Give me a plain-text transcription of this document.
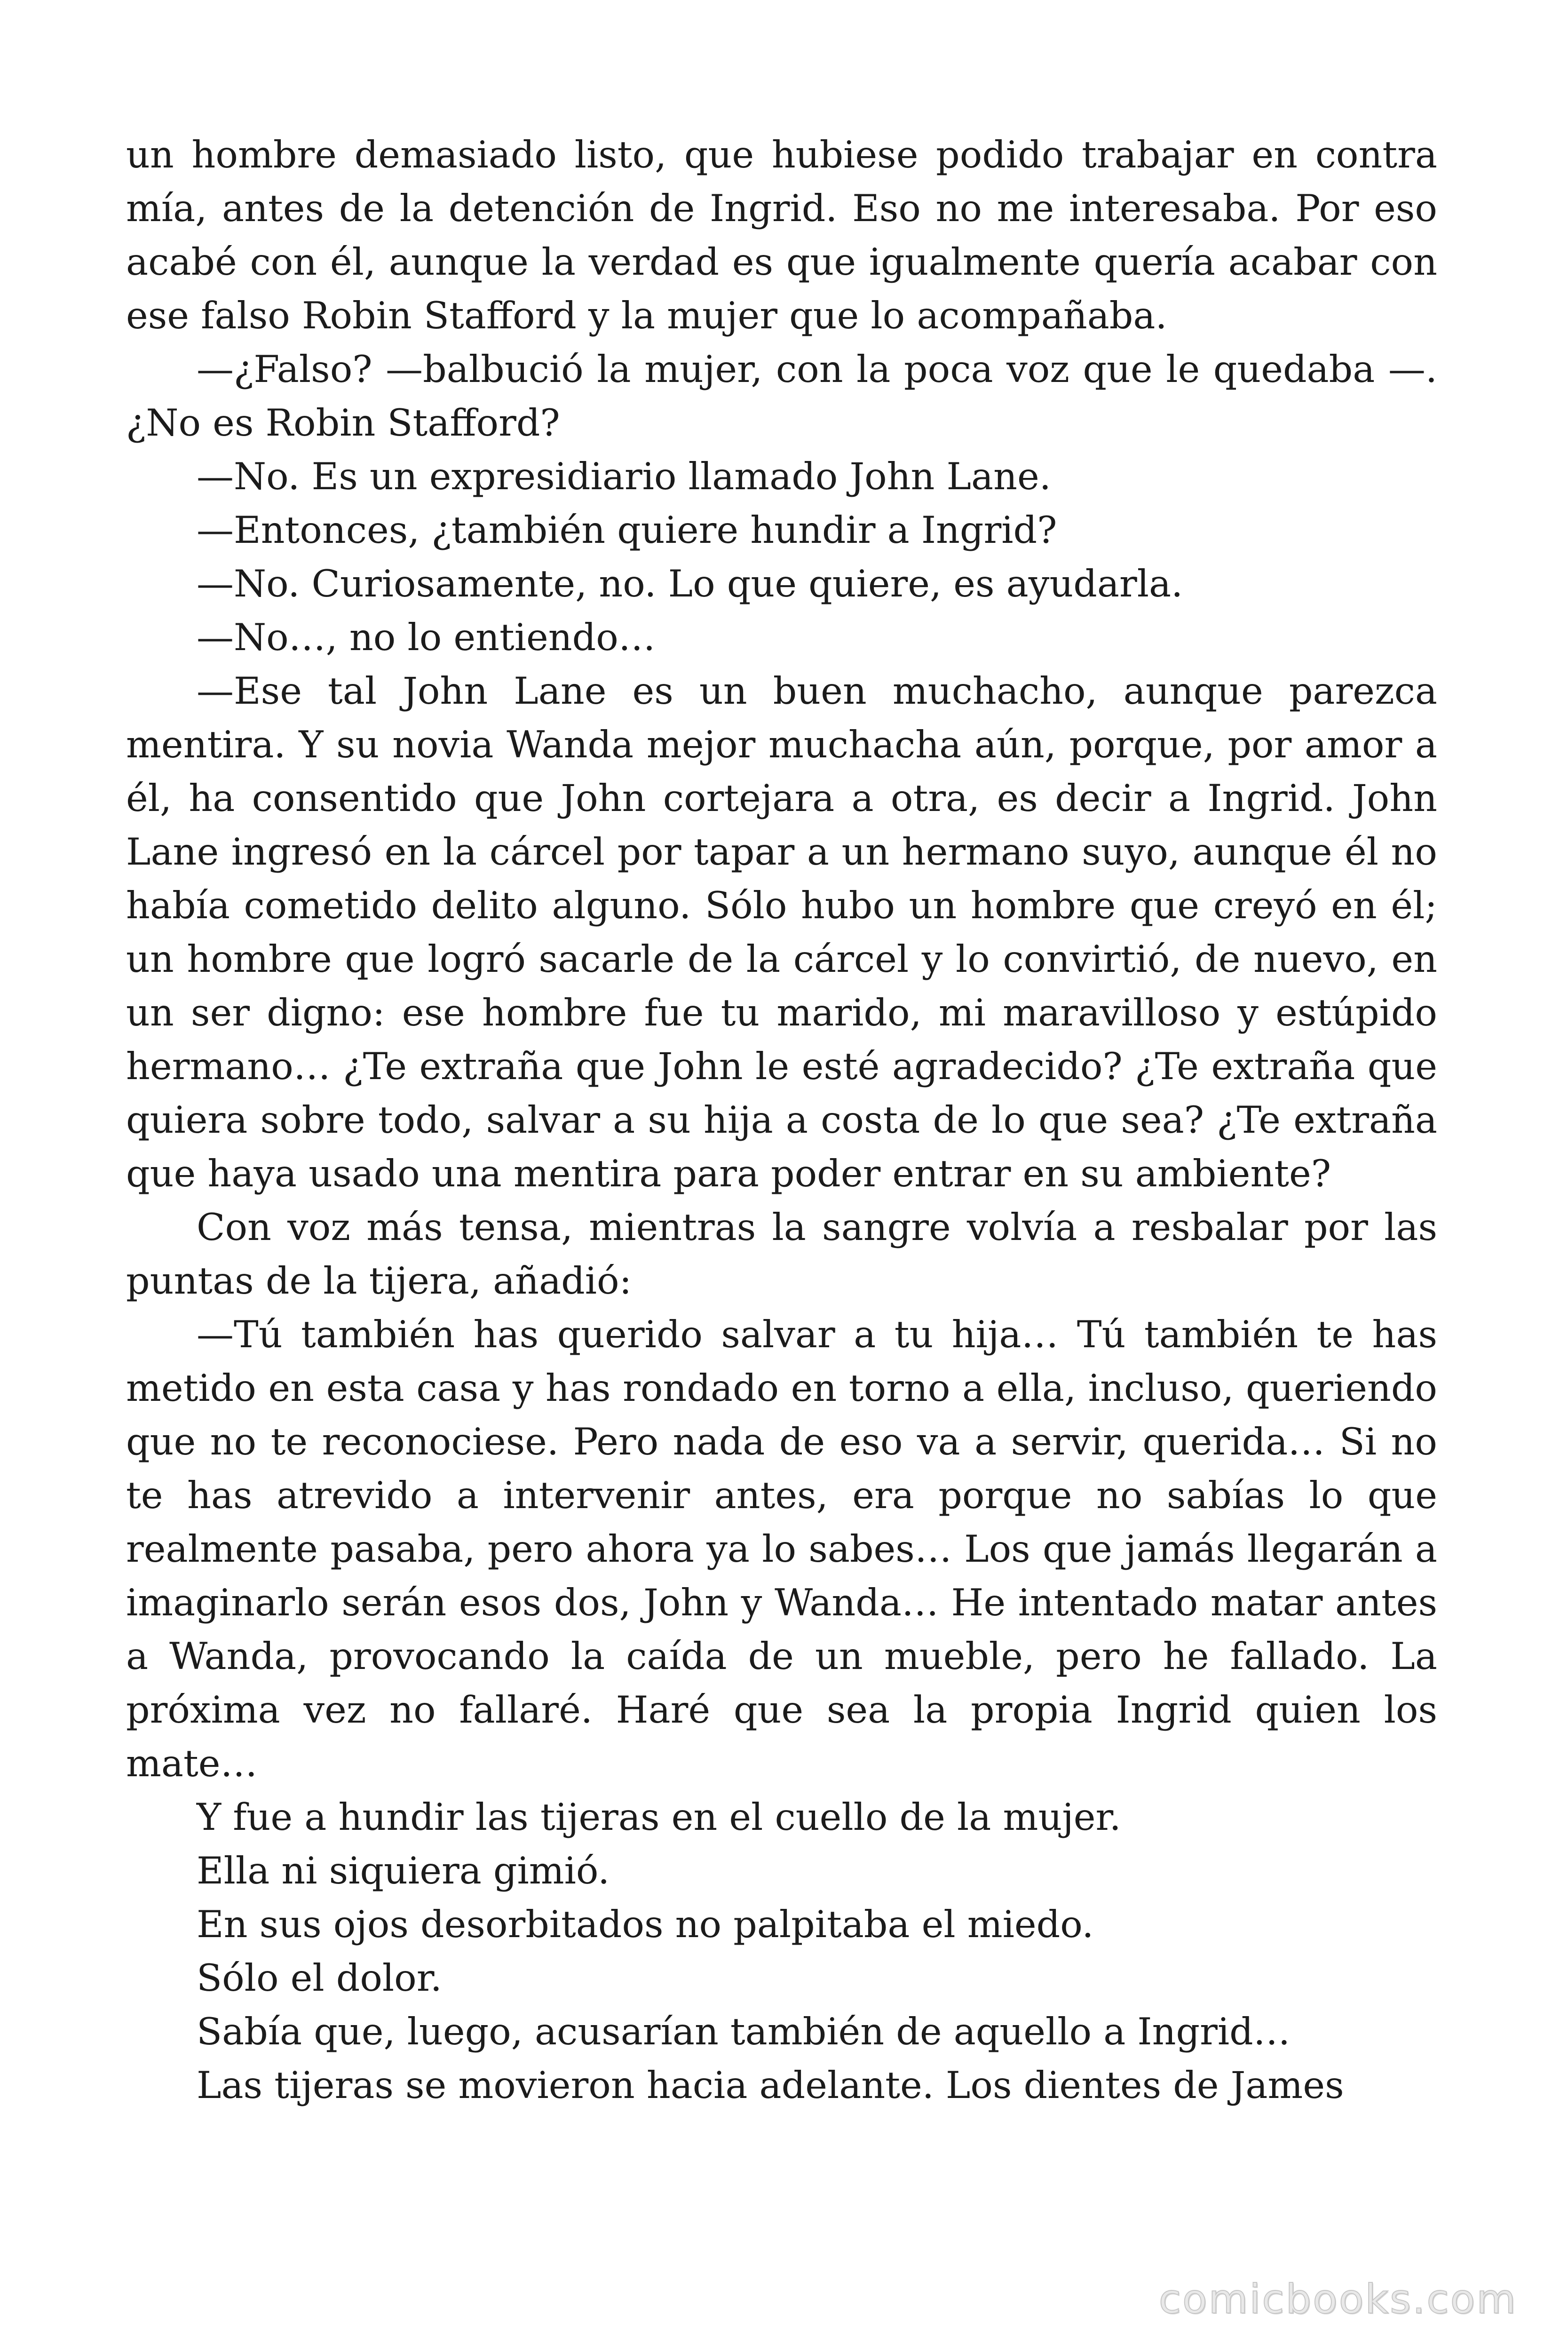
un hombre demasiado listo, que hubiese podido trabajar en contra mía, antes de la detención de Ingrid. Eso no me interesaba. Por eso acabé con él, aunque la verdad es que igualmente quería acabar con ese falso Robin Stafford y la mujer que lo acompañaba.

—¿Falso? —balbució la mujer, con la poca voz que le quedaba —. ¿No es Robin Stafford?

—No. Es un expresidiario llamado John Lane.

—Entonces, ¿también quiere hundir a Ingrid?

—No. Curiosamente, no. Lo que quiere, es ayudarla.

—No…, no lo entiendo…

—Ese tal John Lane es un buen muchacho, aunque parezca mentira. Y su novia Wanda mejor muchacha aún, porque, por amor a él, ha consentido que John cortejara a otra, es decir a Ingrid. John Lane ingresó en la cárcel por tapar a un hermano suyo, aunque él no había cometido delito alguno. Sólo hubo un hombre que creyó en él; un hombre que logró sacarle de la cárcel y lo convirtió, de nuevo, en un ser digno: ese hombre fue tu marido, mi maravilloso y estúpido hermano… ¿Te extraña que John le esté agradecido? ¿Te extraña que quiera sobre todo, salvar a su hija a costa de lo que sea? ¿Te extraña que haya usado una mentira para poder entrar en su ambiente?

Con voz más tensa, mientras la sangre volvía a resbalar por las puntas de la tijera, añadió:

—Tú también has querido salvar a tu hija… Tú también te has metido en esta casa y has rondado en torno a ella, incluso, queriendo que no te reconociese. Pero nada de eso va a servir, querida… Si no te has atrevido a intervenir antes, era porque no sabías lo que realmente pasaba, pero ahora ya lo sabes… Los que jamás llegarán a imaginarlo serán esos dos, John y Wanda… He intentado matar antes a Wanda, provocando la caída de un mueble, pero he fallado. La próxima vez no fallaré. Haré que sea la propia Ingrid quien los mate…

Y fue a hundir las tijeras en el cuello de la mujer.

Ella ni siquiera gimió.

En sus ojos desorbitados no palpitaba el miedo.

Sólo el dolor.

Sabía que, luego, acusarían también de aquello a Ingrid…

Las tijeras se movieron hacia adelante. Los dientes de James

comicbooks.com
